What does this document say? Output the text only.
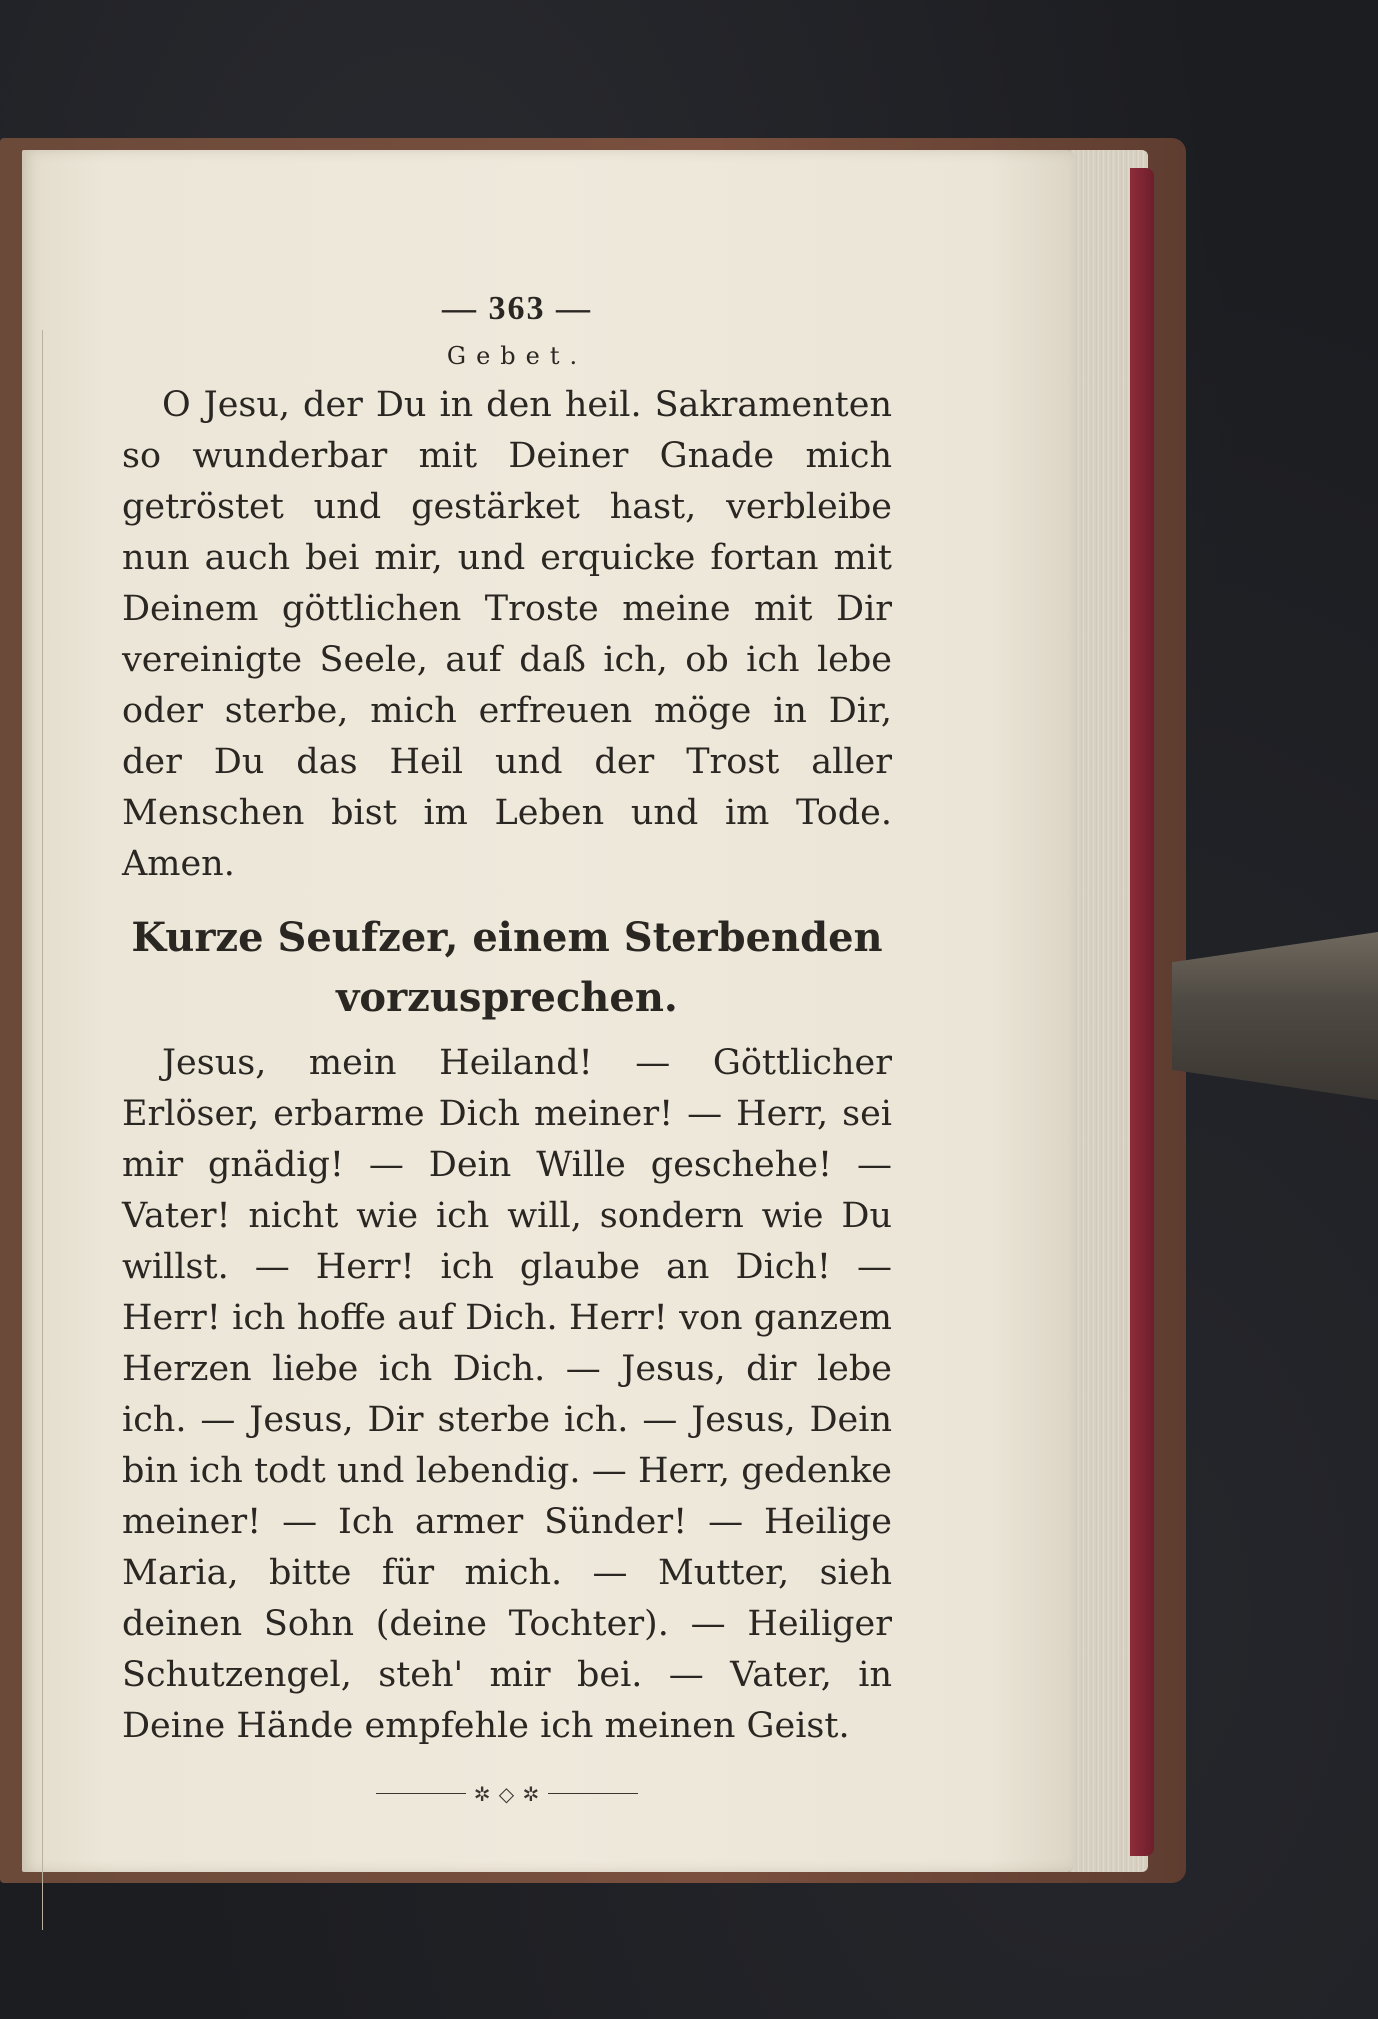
— 363 —
Gebet.

O Jesu, der Du in den heil. Sakramenten so wunderbar mit Deiner Gnade mich getröstet und gestärket hast, verbleibe nun auch bei mir, und erquicke fortan mit Deinem göttlichen Troste meine mit Dir vereinigte Seele, auf daß ich, ob ich lebe oder sterbe, mich erfreuen möge in Dir, der Du das Heil und der Trost aller Menschen bist im Leben und im Tode. Amen.

Kurze Seufzer, einem Sterbenden vorzusprechen.

Jesus, mein Heiland! — Göttlicher Erlöser, erbarme Dich meiner! — Herr, sei mir gnädig! — Dein Wille geschehe! — Vater! nicht wie ich will, sondern wie Du willst. — Herr! ich glaube an Dich! — Herr! ich hoffe auf Dich. Herr! von ganzem Herzen liebe ich Dich. — Jesus, dir lebe ich. — Jesus, Dir sterbe ich. — Jesus, Dein bin ich todt und lebendig. — Herr, gedenke meiner! — Ich armer Sünder! — Heilige Maria, bitte für mich. — Mutter, sieh deinen Sohn (deine Tochter). — Heiliger Schutzengel, steh' mir bei. — Vater, in Deine Hände empfehle ich meinen Geist.

✲ ◇ ✲
